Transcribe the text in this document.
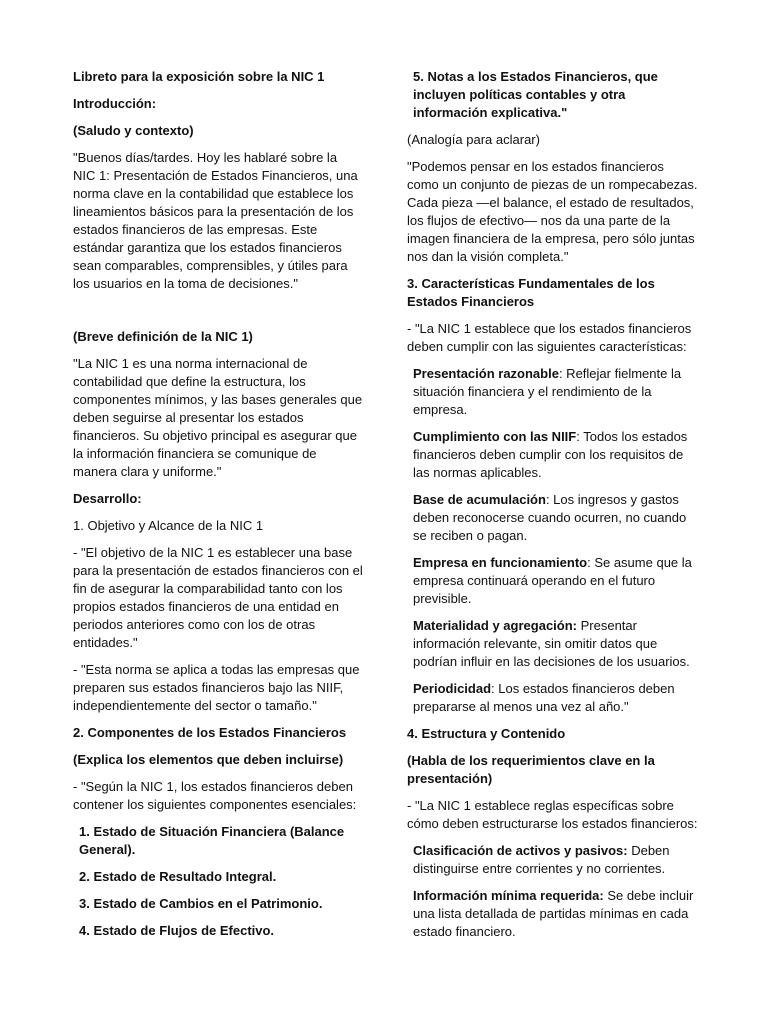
Libreto para la exposición sobre la NIC 1

Introducción:

(Saludo y contexto)

"Buenos días/tardes. Hoy les hablaré sobre la NIC 1: Presentación de Estados Financieros, una norma clave en la contabilidad que establece los lineamientos básicos para la presentación de los estados financieros de las empresas. Este estándar garantiza que los estados financieros sean comparables, comprensibles, y útiles para los usuarios en la toma de decisiones."

(Breve definición de la NIC 1)

"La NIC 1 es una norma internacional de contabilidad que define la estructura, los componentes mínimos, y las bases generales que deben seguirse al presentar los estados financieros. Su objetivo principal es asegurar que la información financiera se comunique de manera clara y uniforme."

Desarrollo:

1. Objetivo y Alcance de la NIC 1

- "El objetivo de la NIC 1 es establecer una base para la presentación de estados financieros con el fin de asegurar la comparabilidad tanto con los propios estados financieros de una entidad en periodos anteriores como con los de otras entidades."

- "Esta norma se aplica a todas las empresas que preparen sus estados financieros bajo las NIIF, independientemente del sector o tamaño."

2. Componentes de los Estados Financieros

(Explica los elementos que deben incluirse)

- "Según la NIC 1, los estados financieros deben contener los siguientes componentes esenciales:

1. Estado de Situación Financiera (Balance General).

2. Estado de Resultado Integral.

3. Estado de Cambios en el Patrimonio.

4. Estado de Flujos de Efectivo.

5. Notas a los Estados Financieros, que incluyen políticas contables y otra información explicativa."

(Analogía para aclarar)

"Podemos pensar en los estados financieros como un conjunto de piezas de un rompecabezas. Cada pieza —el balance, el estado de resultados, los flujos de efectivo— nos da una parte de la imagen financiera de la empresa, pero sólo juntas nos dan la visión completa."

3. Características Fundamentales de los Estados Financieros

- "La NIC 1 establece que los estados financieros deben cumplir con las siguientes características:

Presentación razonable: Reflejar fielmente la situación financiera y el rendimiento de la empresa.

Cumplimiento con las NIIF: Todos los estados financieros deben cumplir con los requisitos de las normas aplicables.

Base de acumulación: Los ingresos y gastos deben reconocerse cuando ocurren, no cuando se reciben o pagan.

Empresa en funcionamiento: Se asume que la empresa continuará operando en el futuro previsible.

Materialidad y agregación: Presentar información relevante, sin omitir datos que podrían influir en las decisiones de los usuarios.

Periodicidad: Los estados financieros deben prepararse al menos una vez al año."

4. Estructura y Contenido

(Habla de los requerimientos clave en la presentación)

- "La NIC 1 establece reglas específicas sobre cómo deben estructurarse los estados financieros:

Clasificación de activos y pasivos: Deben distinguirse entre corrientes y no corrientes.

Información mínima requerida: Se debe incluir una lista detallada de partidas mínimas en cada estado financiero.
